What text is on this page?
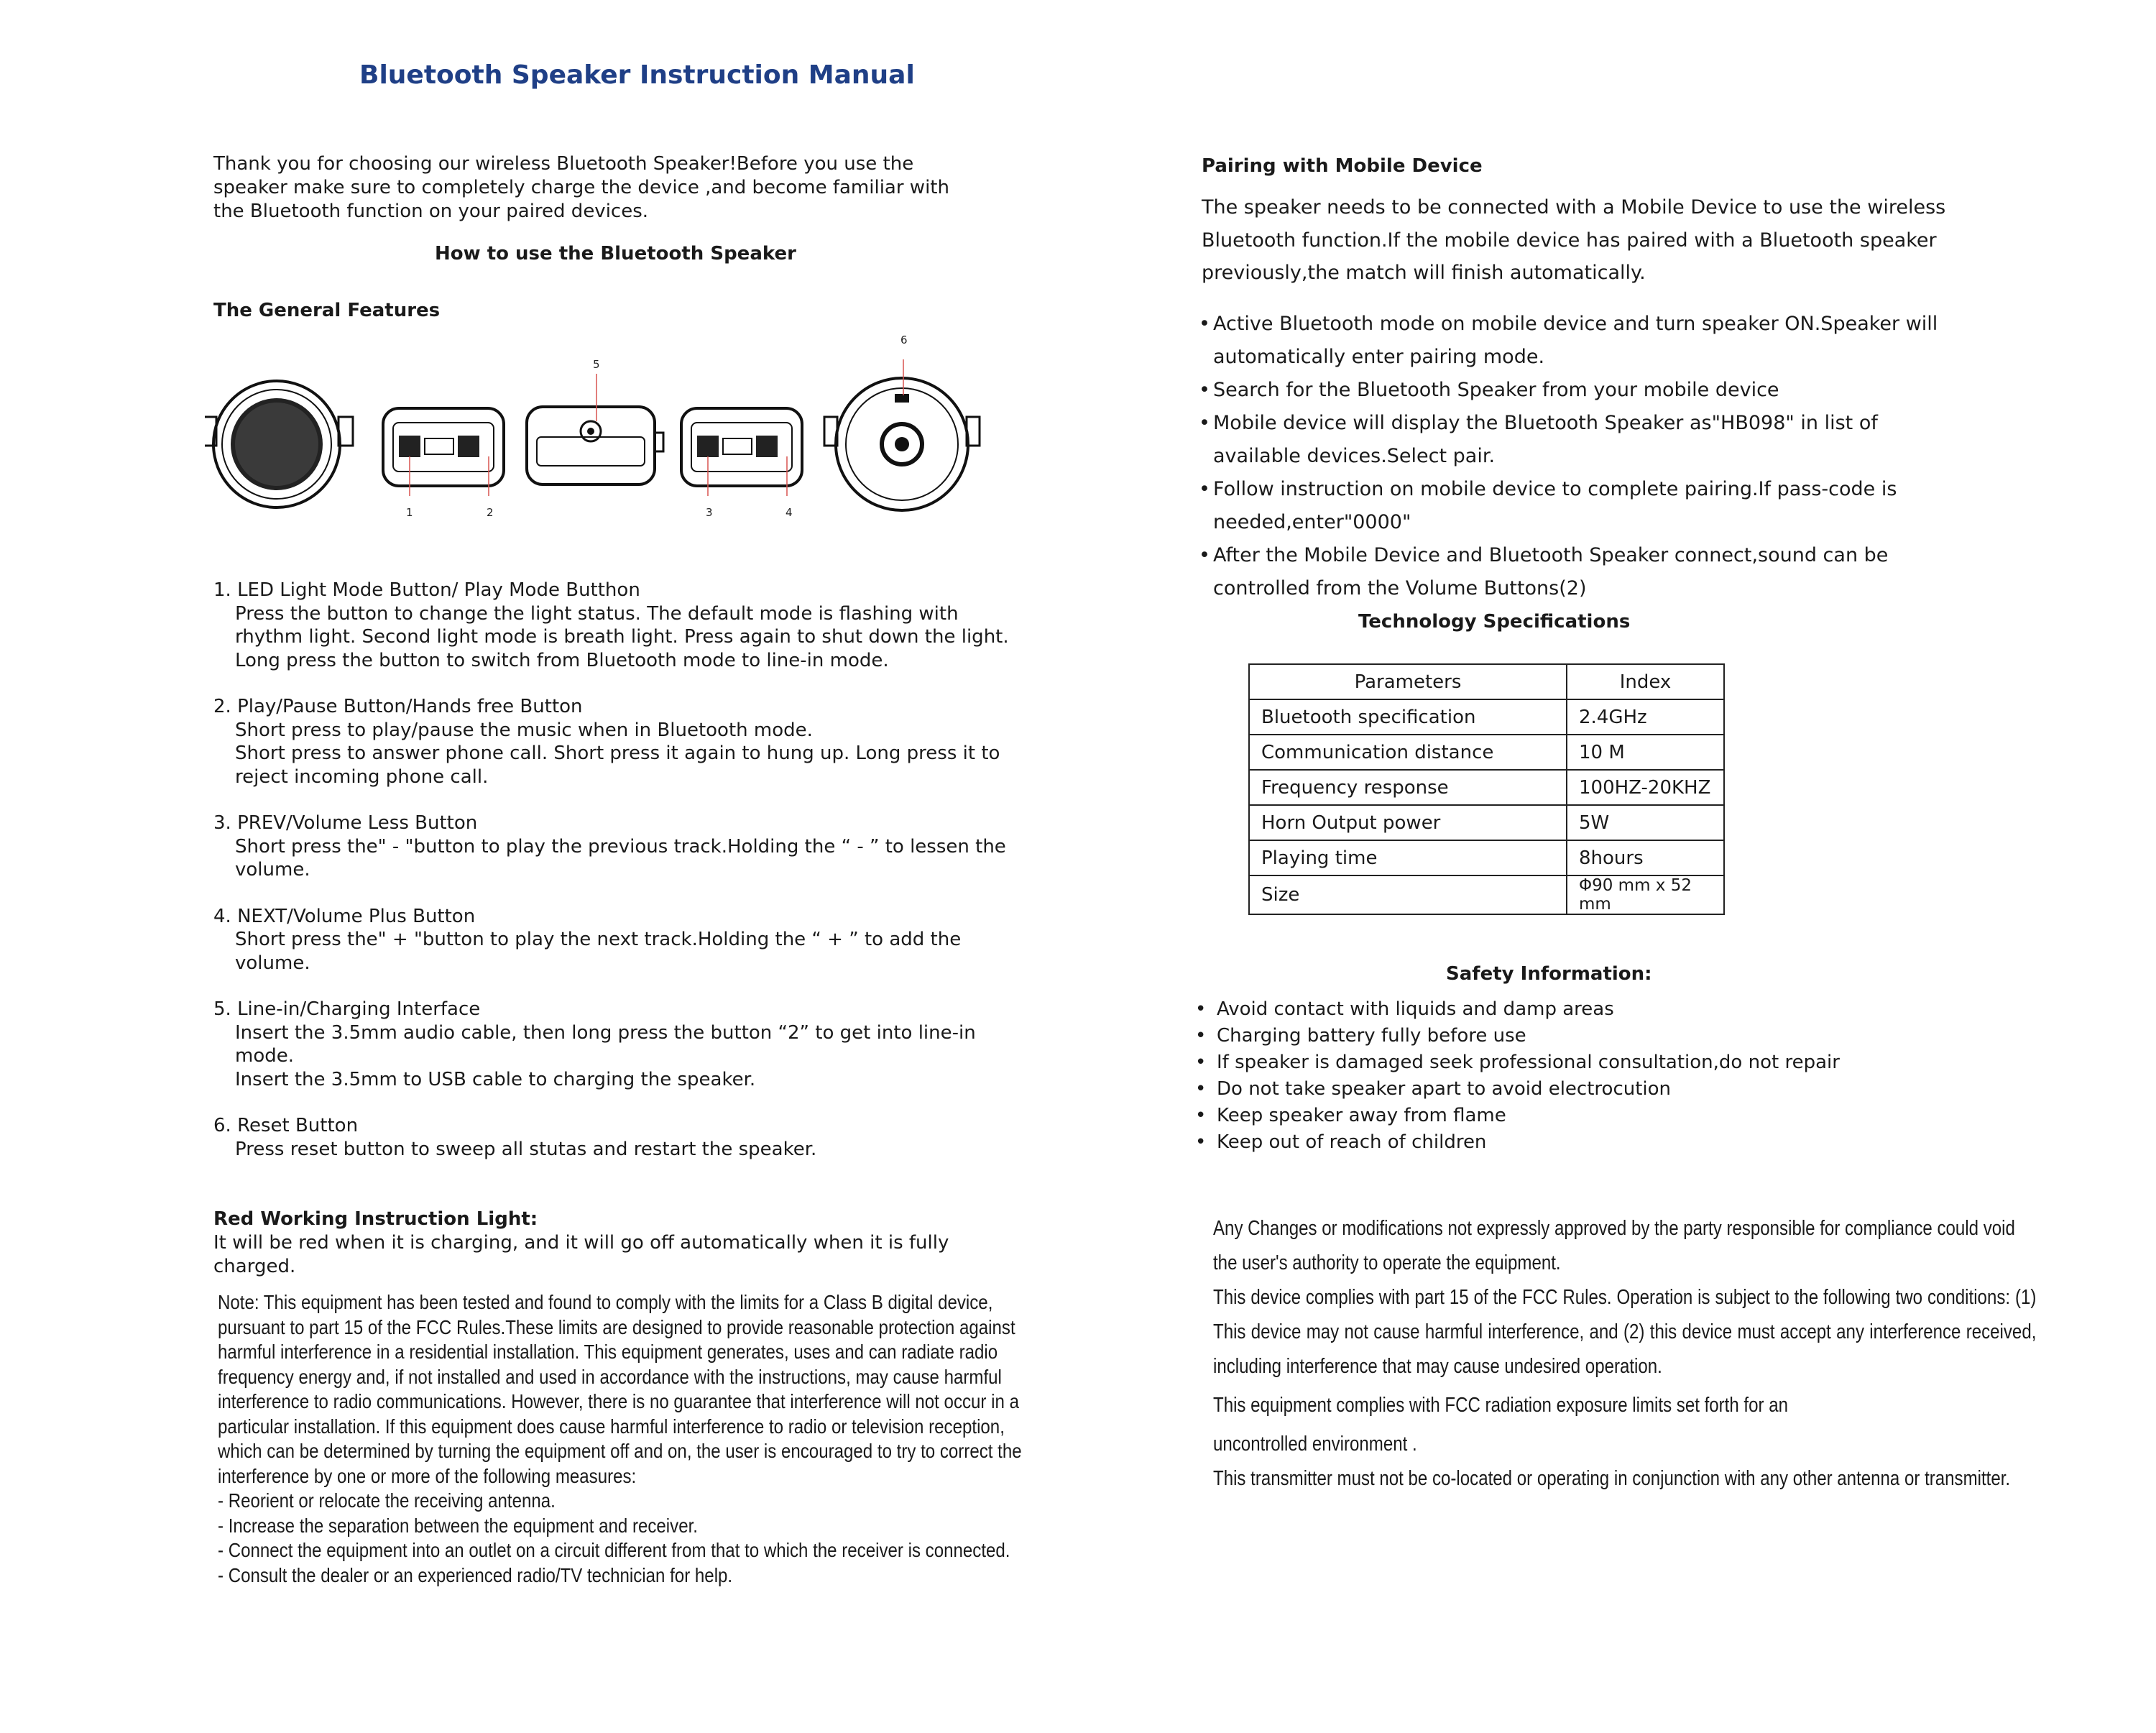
Bluetooth Speaker Instruction Manual
Thank you for choosing our wireless Bluetooth Speaker!Before you use the speaker make sure to completely charge the device ,and become familiar with the Bluetooth function on your paired devices.
How to use the Bluetooth Speaker
The General Features
1	2	3	4
5
6
1. LED Light Mode Button/ Play Mode Butthon
Press the button to change the light status. The default mode is flashing with rhythm light. Second light mode is breath light. Press again to shut down the light.
Long press the button to switch from Bluetooth mode to line-in mode.
2. Play/Pause Button/Hands free Button
Short press to play/pause the music when in Bluetooth mode.
Short press to answer phone call. Short press it again to hung up. Long press it to reject incoming phone call.
3. PREV/Volume Less Button
Short press the" - "button to play the previous track.Holding the “ - ” to lessen the volume.
4. NEXT/Volume Plus Button
Short press the" + "button to play the next track.Holding the “ + ” to add the volume.
5. Line-in/Charging Interface
Insert the 3.5mm audio cable, then long press the button “2” to get into line-in mode.
Insert the 3.5mm to USB cable to charging the speaker.
6. Reset Button
Press reset button to sweep all stutas and restart the speaker.
Red Working Instruction Light:
It will be red when it is charging, and it will go off automatically when it is fully charged.
Note: This equipment has been tested and found to comply with the limits for a Class B digital device, pursuant to part 15 of the FCC Rules.These limits are designed to provide reasonable protection against harmful interference in a residential installation. This equipment generates, uses and can radiate radio frequency energy and, if not installed and used in accordance with the instructions, may cause harmful interference to radio communications. However, there is no guarantee that interference will not occur in a particular installation. If this equipment does cause harmful interference to radio or television reception, which can be determined by turning the equipment off and on, the user is encouraged to try to correct the interference by one or more of the following measures:
- Reorient or relocate the receiving antenna.
- Increase the separation between the equipment and receiver.
- Connect the equipment into an outlet on a circuit different from that to which the receiver is connected.
- Consult the dealer or an experienced radio/TV technician for help.
Pairing with Mobile Device
The speaker needs to be connected with a Mobile Device to use the wireless Bluetooth function.If the mobile device has paired with a Bluetooth speaker previously,the match will finish automatically.
• Active Bluetooth mode on mobile device and turn speaker ON.Speaker will automatically enter pairing mode.
• Search for the Bluetooth Speaker from your mobile device
• Mobile device will display the Bluetooth Speaker as"HB098" in list of available devices.Select pair.
• Follow instruction on mobile device to complete pairing.If pass-code is needed,enter"0000"
• After the Mobile Device and Bluetooth Speaker connect,sound can be controlled from the Volume Buttons(2)
Technology Specifications
Parameters	Index
Bluetooth specification	2.4GHz
Communication distance	10 M
Frequency response	100HZ-20KHZ
Horn Output power	5W
Playing time	8hours
Size	Φ90 mm x 52 mm
Safety Information:
• Avoid contact with liquids and damp areas
• Charging battery fully before use
• If speaker is damaged seek professional consultation,do not repair
• Do not take speaker apart to avoid electrocution
• Keep speaker away from flame
• Keep out of reach of children

Any Changes or modifications not expressly approved by the party responsible for compliance could void the user's authority to operate the equipment.

This device complies with part 15 of the FCC Rules. Operation is subject to the following two conditions: (1) This device may not cause harmful interference, and (2) this device must accept any interference received, including interference that may cause undesired operation.

This equipment complies with FCC radiation exposure limits set forth for an

uncontrolled environment .

This transmitter must not be co-located or operating in conjunction with any other antenna or transmitter.
